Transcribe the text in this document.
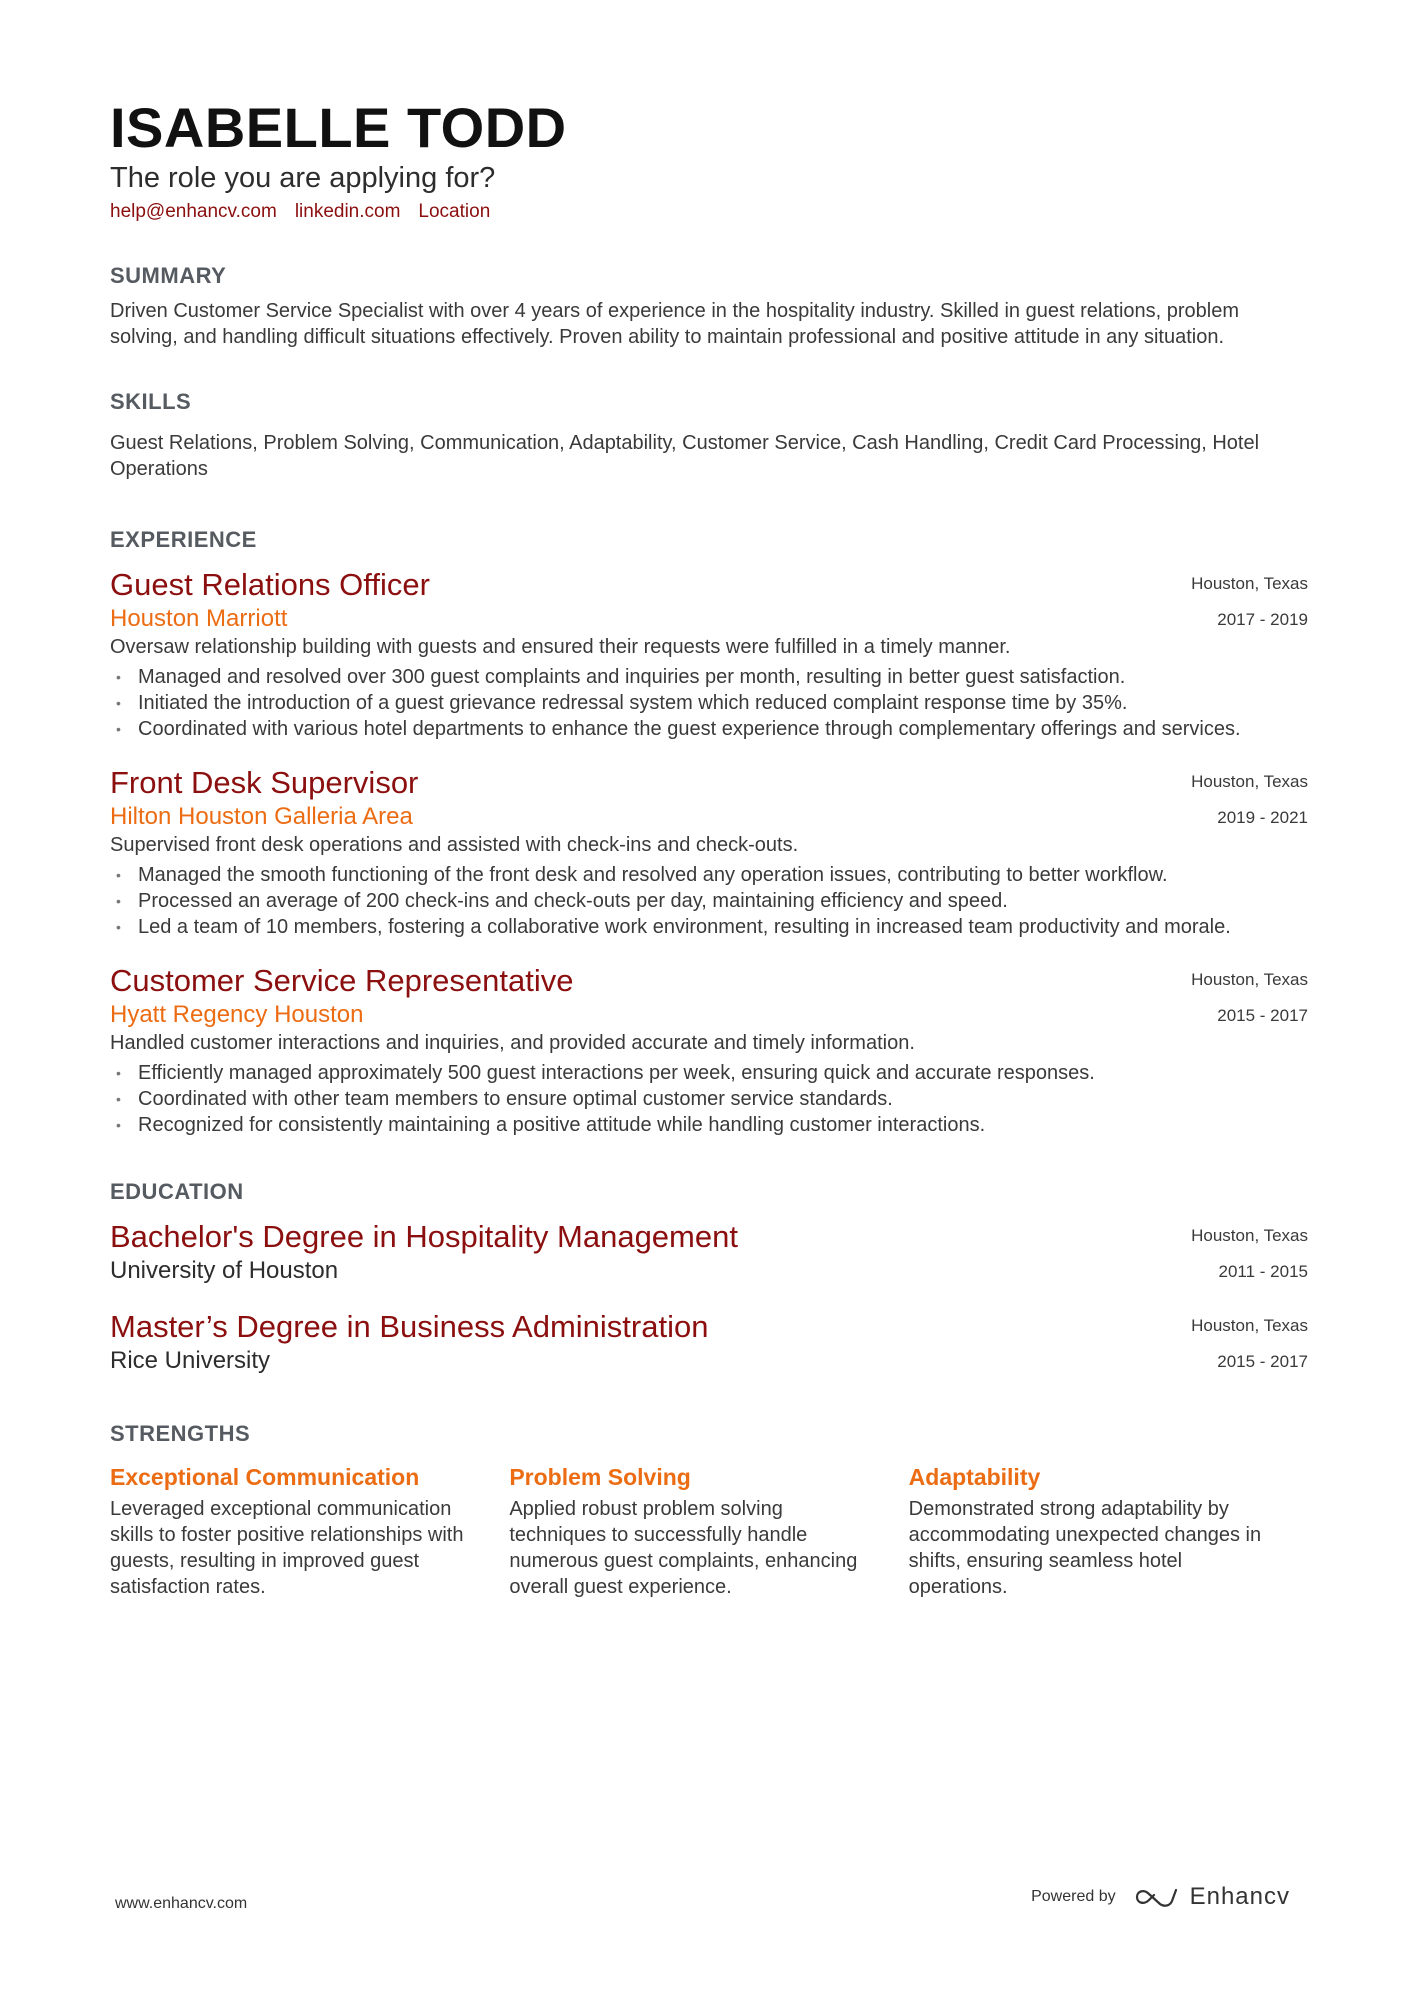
ISABELLE TODD
The role you are applying for?
help@enhancv.com linkedin.com Location
SUMMARY
Driven Customer Service Specialist with over 4 years of experience in the hospitality industry. Skilled in guest relations, problem solving, and handling difficult situations effectively. Proven ability to maintain professional and positive attitude in any situation.
SKILLS
Guest Relations, Problem Solving, Communication, Adaptability, Customer Service, Cash Handling, Credit Card Processing, Hotel Operations
EXPERIENCE
Guest Relations Officer
Houston Marriott
Houston, Texas
2017 - 2019
Oversaw relationship building with guests and ensured their requests were fulfilled in a timely manner.
• Managed and resolved over 300 guest complaints and inquiries per month, resulting in better guest satisfaction.
• Initiated the introduction of a guest grievance redressal system which reduced complaint response time by 35%.
• Coordinated with various hotel departments to enhance the guest experience through complementary offerings and services.
Front Desk Supervisor
Hilton Houston Galleria Area
Houston, Texas
2019 - 2021
Supervised front desk operations and assisted with check-ins and check-outs.
• Managed the smooth functioning of the front desk and resolved any operation issues, contributing to better workflow.
• Processed an average of 200 check-ins and check-outs per day, maintaining efficiency and speed.
• Led a team of 10 members, fostering a collaborative work environment, resulting in increased team productivity and morale.
Customer Service Representative
Hyatt Regency Houston
Houston, Texas
2015 - 2017
Handled customer interactions and inquiries, and provided accurate and timely information.
• Efficiently managed approximately 500 guest interactions per week, ensuring quick and accurate responses.
• Coordinated with other team members to ensure optimal customer service standards.
• Recognized for consistently maintaining a positive attitude while handling customer interactions.
EDUCATION
Bachelor's Degree in Hospitality Management
University of Houston
Houston, Texas
2011 - 2015
Master’s Degree in Business Administration
Rice University
Houston, Texas
2015 - 2017
STRENGTHS
Exceptional Communication
Leveraged exceptional communication skills to foster positive relationships with guests, resulting in improved guest satisfaction rates.
Problem Solving
Applied robust problem solving techniques to successfully handle numerous guest complaints, enhancing overall guest experience.
Adaptability
Demonstrated strong adaptability by accommodating unexpected changes in shifts, ensuring seamless hotel operations.
www.enhancv.com	Powered by	Enhancv
